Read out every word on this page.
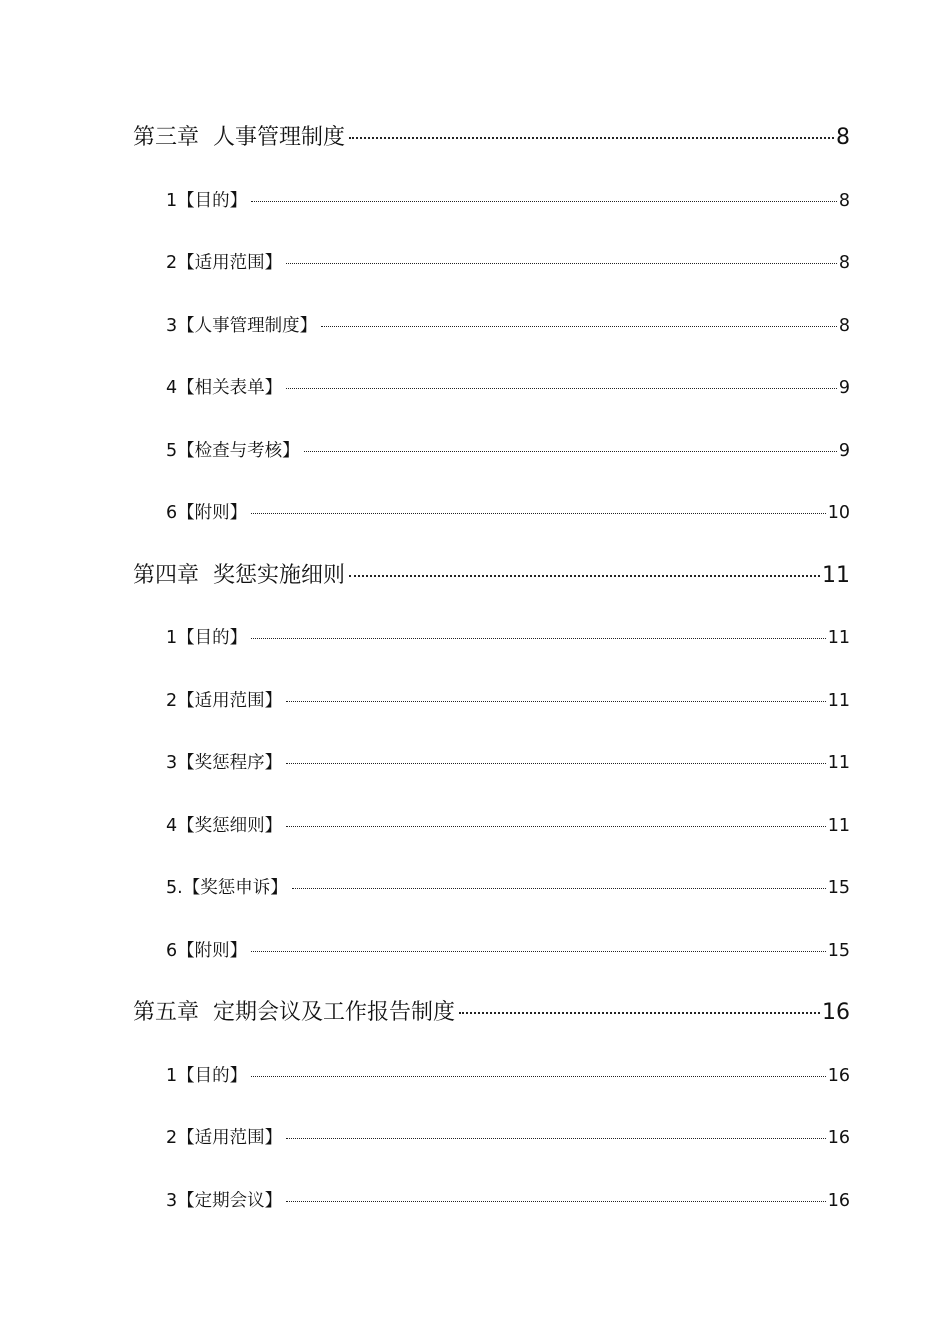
第三章  人事管理制度	8
1【目的】	8
2【适用范围】	8
3【人事管理制度】	8
4【相关表单】	9
5【检查与考核】	9
6【附则】	10
第四章  奖惩实施细则	11
1【目的】	11
2【适用范围】	11
3【奖惩程序】	11
4【奖惩细则】	11
5.【奖惩申诉】	15
6【附则】	15
第五章  定期会议及工作报告制度	16
1【目的】	16
2【适用范围】	16
3【定期会议】	16
